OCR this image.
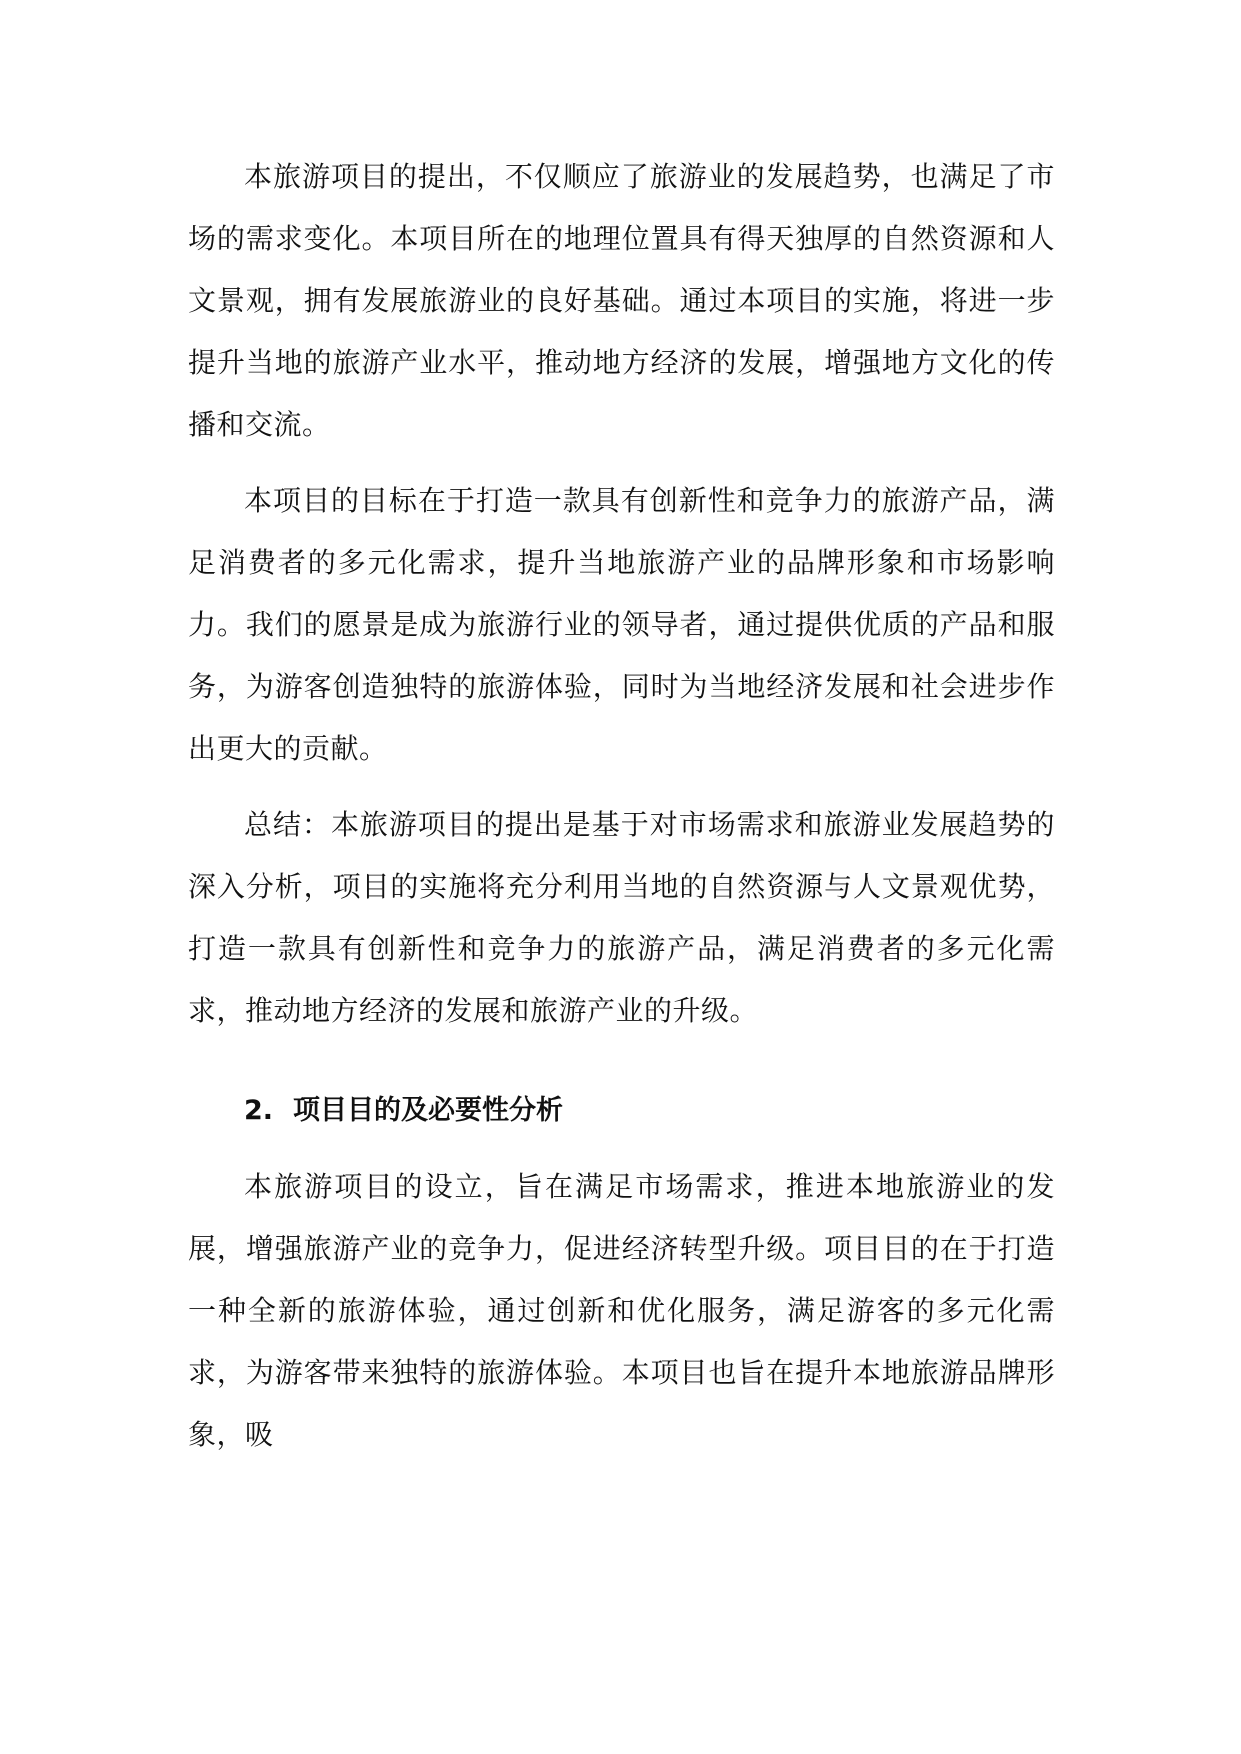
本旅游项目的提出，不仅顺应了旅游业的发展趋势，也满足了市场的需求变化。本项目所在的地理位置具有得天独厚的自然资源和人文景观，拥有发展旅游业的良好基础。通过本项目的实施，将进一步提升当地的旅游产业水平，推动地方经济的发展，增强地方文化的传播和交流。

本项目的目标在于打造一款具有创新性和竞争力的旅游产品，满足消费者的多元化需求，提升当地旅游产业的品牌形象和市场影响力。我们的愿景是成为旅游行业的领导者，通过提供优质的产品和服务，为游客创造独特的旅游体验，同时为当地经济发展和社会进步作出更大的贡献。

总结：本旅游项目的提出是基于对市场需求和旅游业发展趋势的深入分析，项目的实施将充分利用当地的自然资源与人文景观优势，打造一款具有创新性和竞争力的旅游产品，满足消费者的多元化需求，推动地方经济的发展和旅游产业的升级。

2. 项目目的及必要性分析

本旅游项目的设立，旨在满足市场需求，推进本地旅游业的发展，增强旅游产业的竞争力，促进经济转型升级。项目目的在于打造一种全新的旅游体验，通过创新和优化服务，满足游客的多元化需求，为游客带来独特的旅游体验。本项目也旨在提升本地旅游品牌形象，吸
